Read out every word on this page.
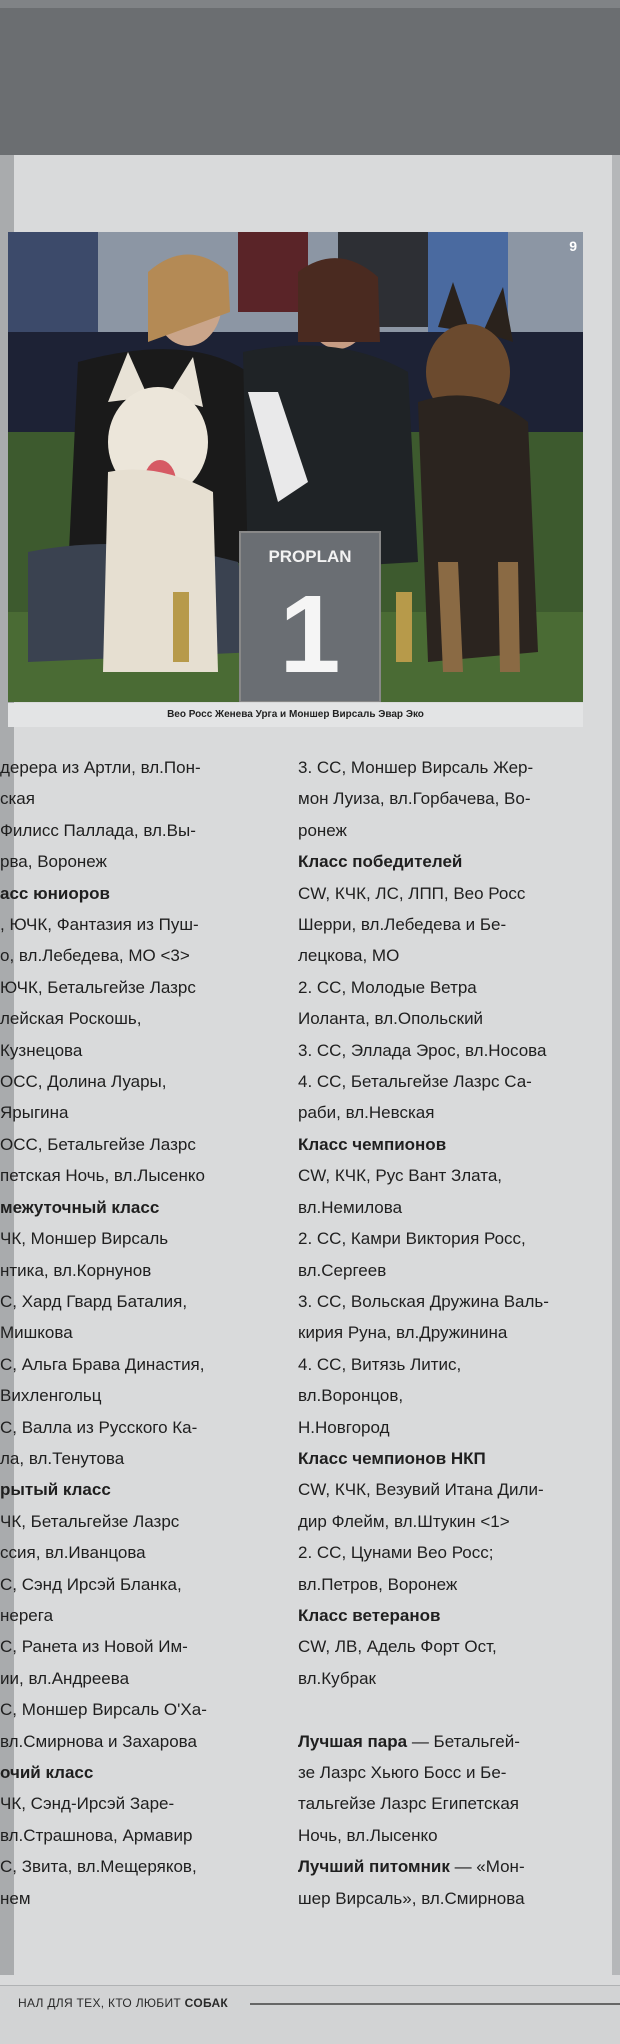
PROPLAN
1
9
Вео Росс Женева Урга и Моншер Вирсаль Эвар Эко
дерера из Артли, вл.Пон-
ская
Филисс Паллада, вл.Вы-
рва, Воронеж
асс юниоров
, ЮЧК, Фантазия из Пуш-
о, вл.Лебедева, МО <3>
ЮЧК, Бетальгейзе Лазрс
лейская Роскошь,
Кузнецова
ОСС, Долина Луары,
Ярыгина
ОСС, Бетальгейзе Лазрс
петская Ночь, вл.Лысенко
межуточный класс
ЧК, Моншер Вирсаль
нтика, вл.Корнунов
С, Хард Гвард Баталия,
Мишкова
С, Альга Брава Династия,
Вихленгольц
С, Валла из Русского Ка-
ла, вл.Тенутова
рытый класс
ЧК, Бетальгейзе Лазрс
ссия, вл.Иванцова
С, Сэнд Ирсэй Бланка,
нерега
С, Ранета из Новой Им-
ии, вл.Андреева
С, Моншер Вирсаль О'Ха-
вл.Смирнова и Захарова
очий класс
ЧК, Сэнд-Ирсэй Заре-
вл.Страшнова, Армавир
С, Звита, вл.Мещеряков,
нем
3. СС, Моншер Вирсаль Жер-
мон Луиза, вл.Горбачева, Во-
ронеж
Класс победителей
CW, КЧК, ЛС, ЛПП, Вео Росс
Шерри, вл.Лебедева и Бе-
лецкова, МО
2. СС, Молодые Ветра
Иоланта, вл.Опольский
3. СС, Эллада Эрос, вл.Носова
4. СС, Бетальгейзе Лазрс Са-
раби, вл.Невская
Класс чемпионов
CW, КЧК, Рус Вант Злата,
вл.Немилова
2. СС, Камри Виктория Росс,
вл.Сергеев
3. СС, Вольская Дружина Валь-
кирия Руна, вл.Дружинина
4. СС, Витязь Литис,
вл.Воронцов,
Н.Новгород
Класс чемпионов НКП
CW, КЧК, Везувий Итана Дили-
дир Флейм, вл.Штукин <1>
2. СС, Цунами Вео Росс;
вл.Петров, Воронеж
Класс ветеранов
CW, ЛВ, Адель Форт Ост,
вл.Кубрак
Лучшая пара — Бетальгей-
зе Лазрс Хьюго Босс и Бе-
тальгейзе Лазрс Египетская
Ночь, вл.Лысенко
Лучший питомник — «Мон-
шер Вирсаль», вл.Смирнова
НАЛ ДЛЯ ТЕХ, КТО ЛЮБИТ СОБАК
